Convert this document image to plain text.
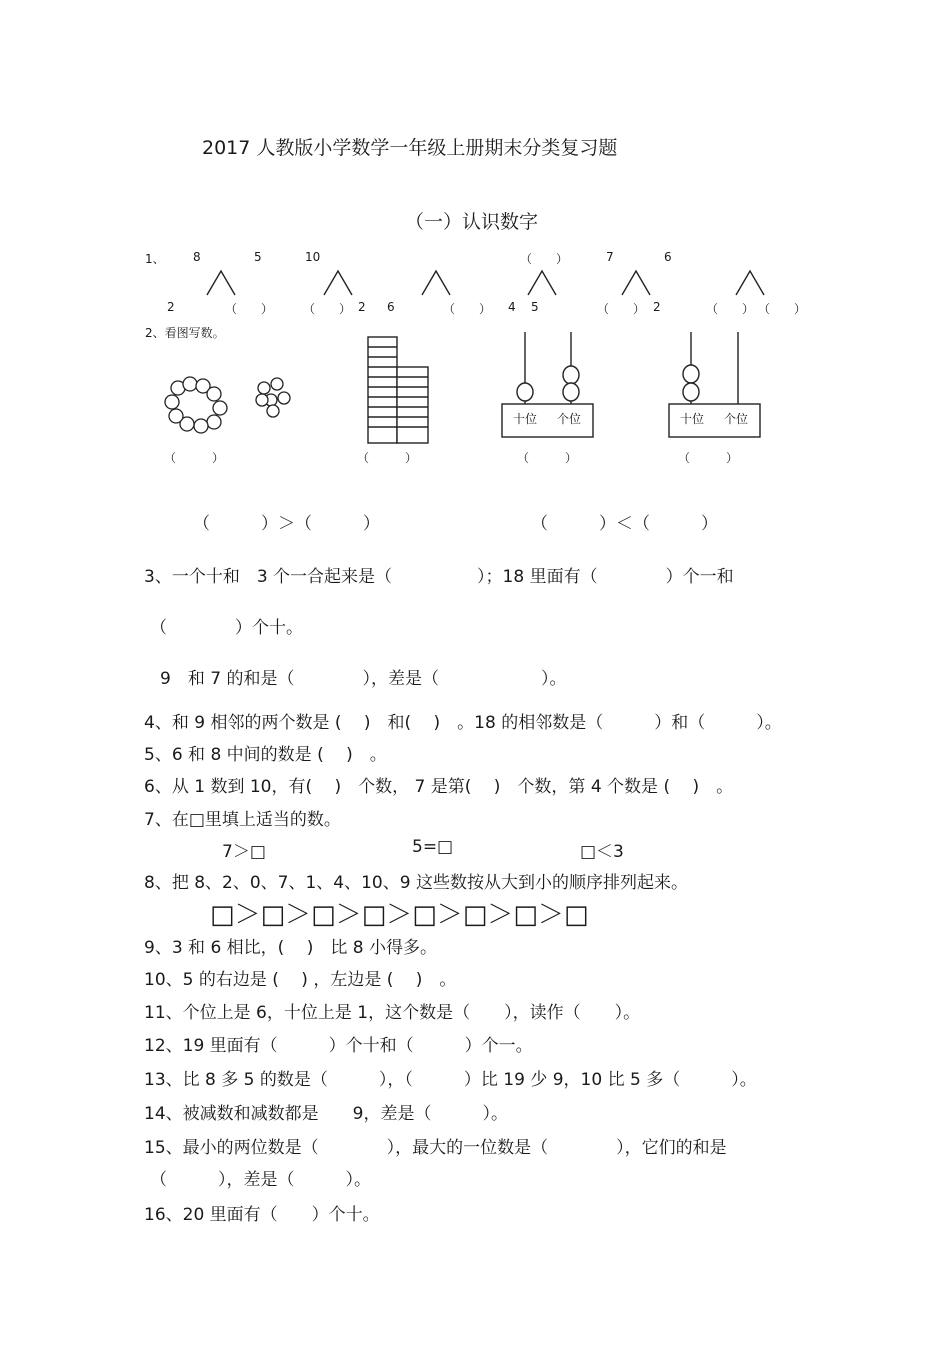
2017 人教版小学数学一年级上册期末分类复习题
（一）认识数字
1、 8	5	10	（　　）	7	6
2	（　　） （　　） 2 6	（　　） 4 5	（　　） 2	（　　） （　　）
2、看图写数。
十位 个位	十位 个位
（　　　）	（　　　）	（　　　）	（　　　）
（　　　）＞（　　　）	（　　　）＜（　　　）
3、一个十和　3 个一合起来是（　　　　　）；18 里面有（　　　　）个一和
（　　　　）个十。
9　和 7 的和是（　　　　），差是（　　　　　　）。
4、和 9 相邻的两个数是 (　 )　和(　 )　。18 的相邻数是（　　　）和（　　　）。
5、6 和 8 中间的数是 (　 )　。
6、从 1 数到 10，有(　 )　个数， 7 是第(　 )　个数，第 4 个数是 (　 )　。
7、在□里填上适当的数。
7＞□	5=□	□＜3
8、把 8、2、0、7、1、4、10、9 这些数按从大到小的顺序排列起来。
□＞□＞□＞□＞□＞□＞□＞□
9、3 和 6 相比，(　 )　比 8 小得多。
10、5 的右边是 (　 ) ，左边是 (　 )　。
11、个位上是 6，十位上是 1，这个数是（　　），读作（　　）。
12、19 里面有（　　　）个十和（　　　）个一。
13、比 8 多 5 的数是（　　　），（　　　）比 19 少 9，10 比 5 多（　　　）。
14、被减数和减数都是　　9，差是（　　　）。
15、最小的两位数是（　　　　），最大的一位数是（　　　　），它们的和是
（　　　），差是（　　　）。
16、20 里面有（　　）个十。
